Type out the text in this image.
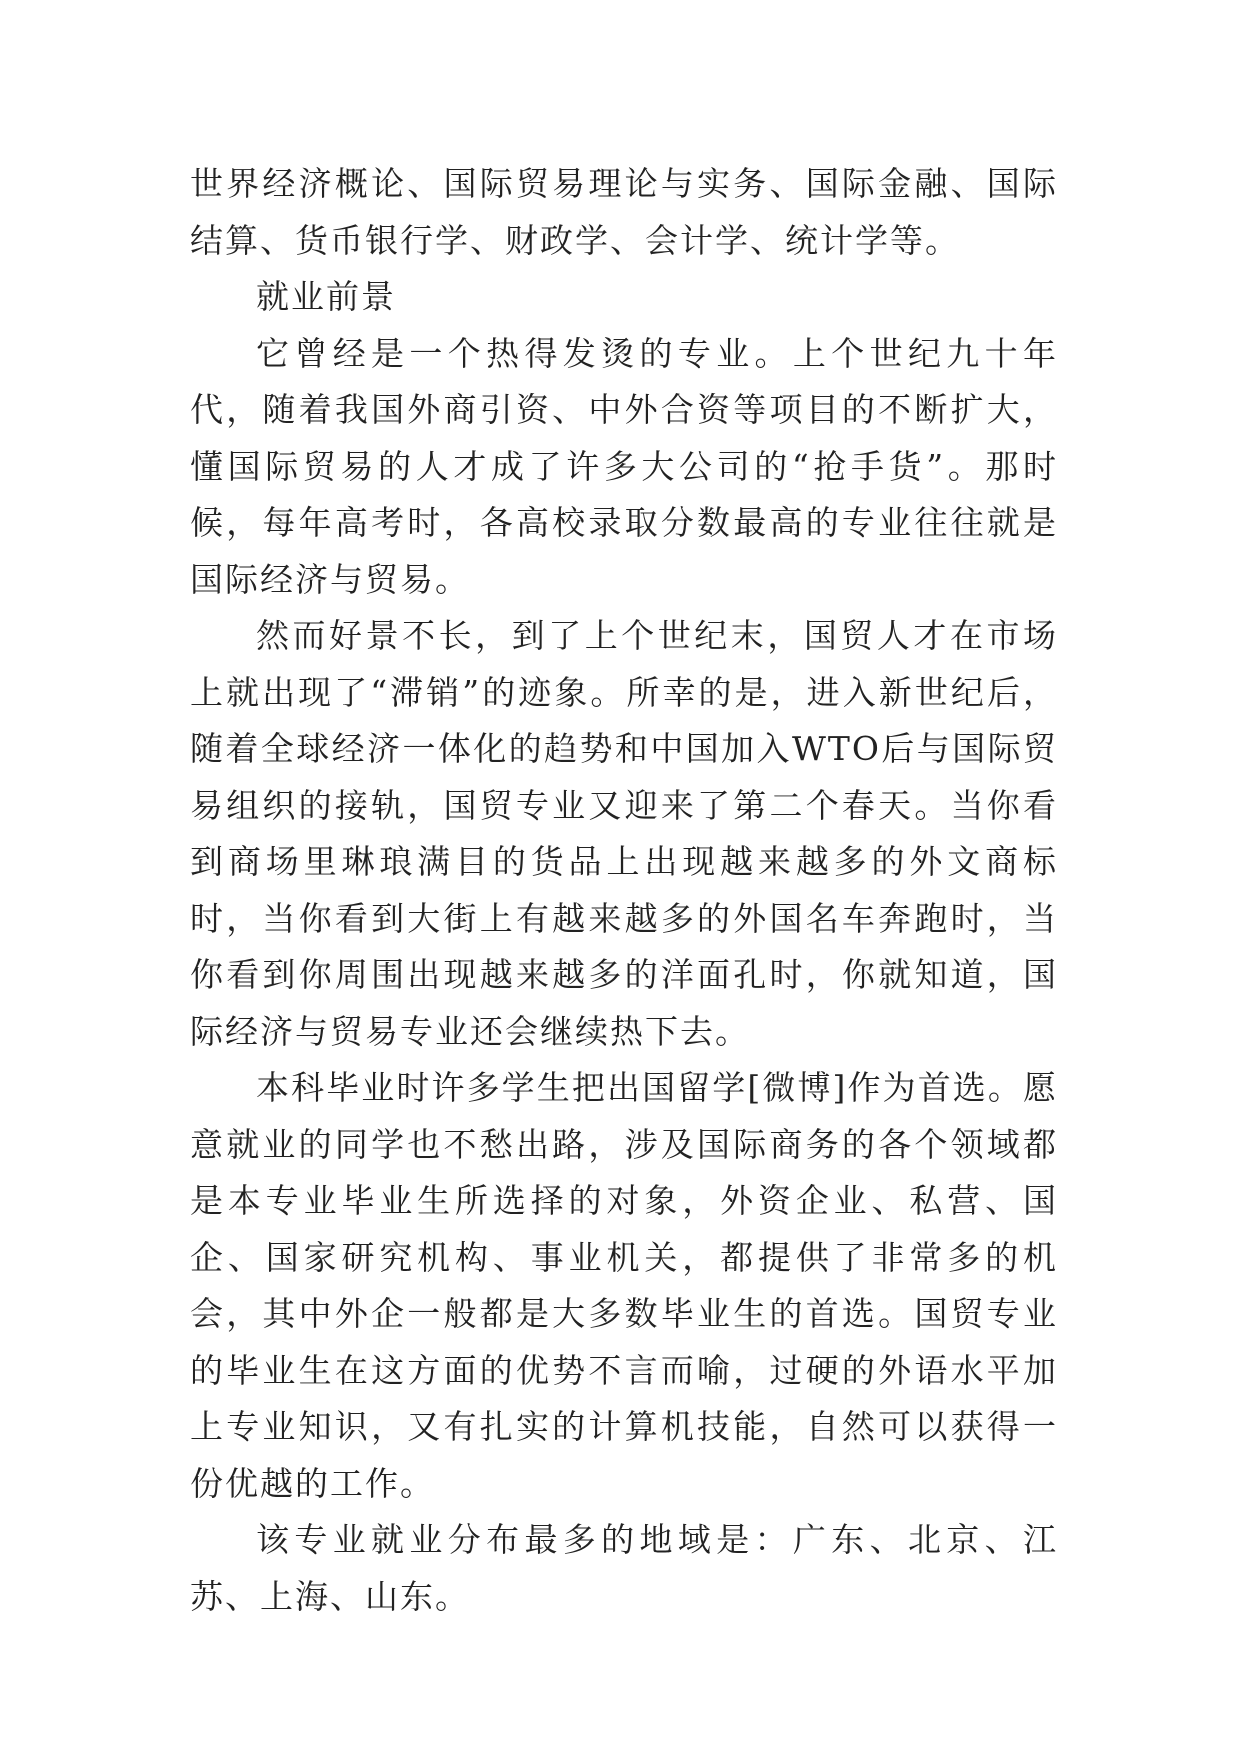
世界经济概论、国际贸易理论与实务、国际金融、国际结算、货币银行学、财政学、会计学、统计学等。

就业前景

它曾经是一个热得发烫的专业。上个世纪九十年代，随着我国外商引资、中外合资等项目的不断扩大，懂国际贸易的人才成了许多大公司的“抢手货”。那时候，每年高考时，各高校录取分数最高的专业往往就是国际经济与贸易。

然而好景不长，到了上个世纪末，国贸人才在市场上就出现了“滞销”的迹象。所幸的是，进入新世纪后，随着全球经济一体化的趋势和中国加入WTO后与国际贸易组织的接轨，国贸专业又迎来了第二个春天。当你看到商场里琳琅满目的货品上出现越来越多的外文商标时，当你看到大街上有越来越多的外国名车奔跑时，当你看到你周围出现越来越多的洋面孔时，你就知道，国际经济与贸易专业还会继续热下去。

本科毕业时许多学生把出国留学[微博]作为首选。愿意就业的同学也不愁出路，涉及国际商务的各个领域都是本专业毕业生所选择的对象，外资企业、私营、国企、国家研究机构、事业机关，都提供了非常多的机会，其中外企一般都是大多数毕业生的首选。国贸专业的毕业生在这方面的优势不言而喻，过硬的外语水平加上专业知识，又有扎实的计算机技能，自然可以获得一份优越的工作。

该专业就业分布最多的地域是：广东、北京、江苏、上海、山东。
